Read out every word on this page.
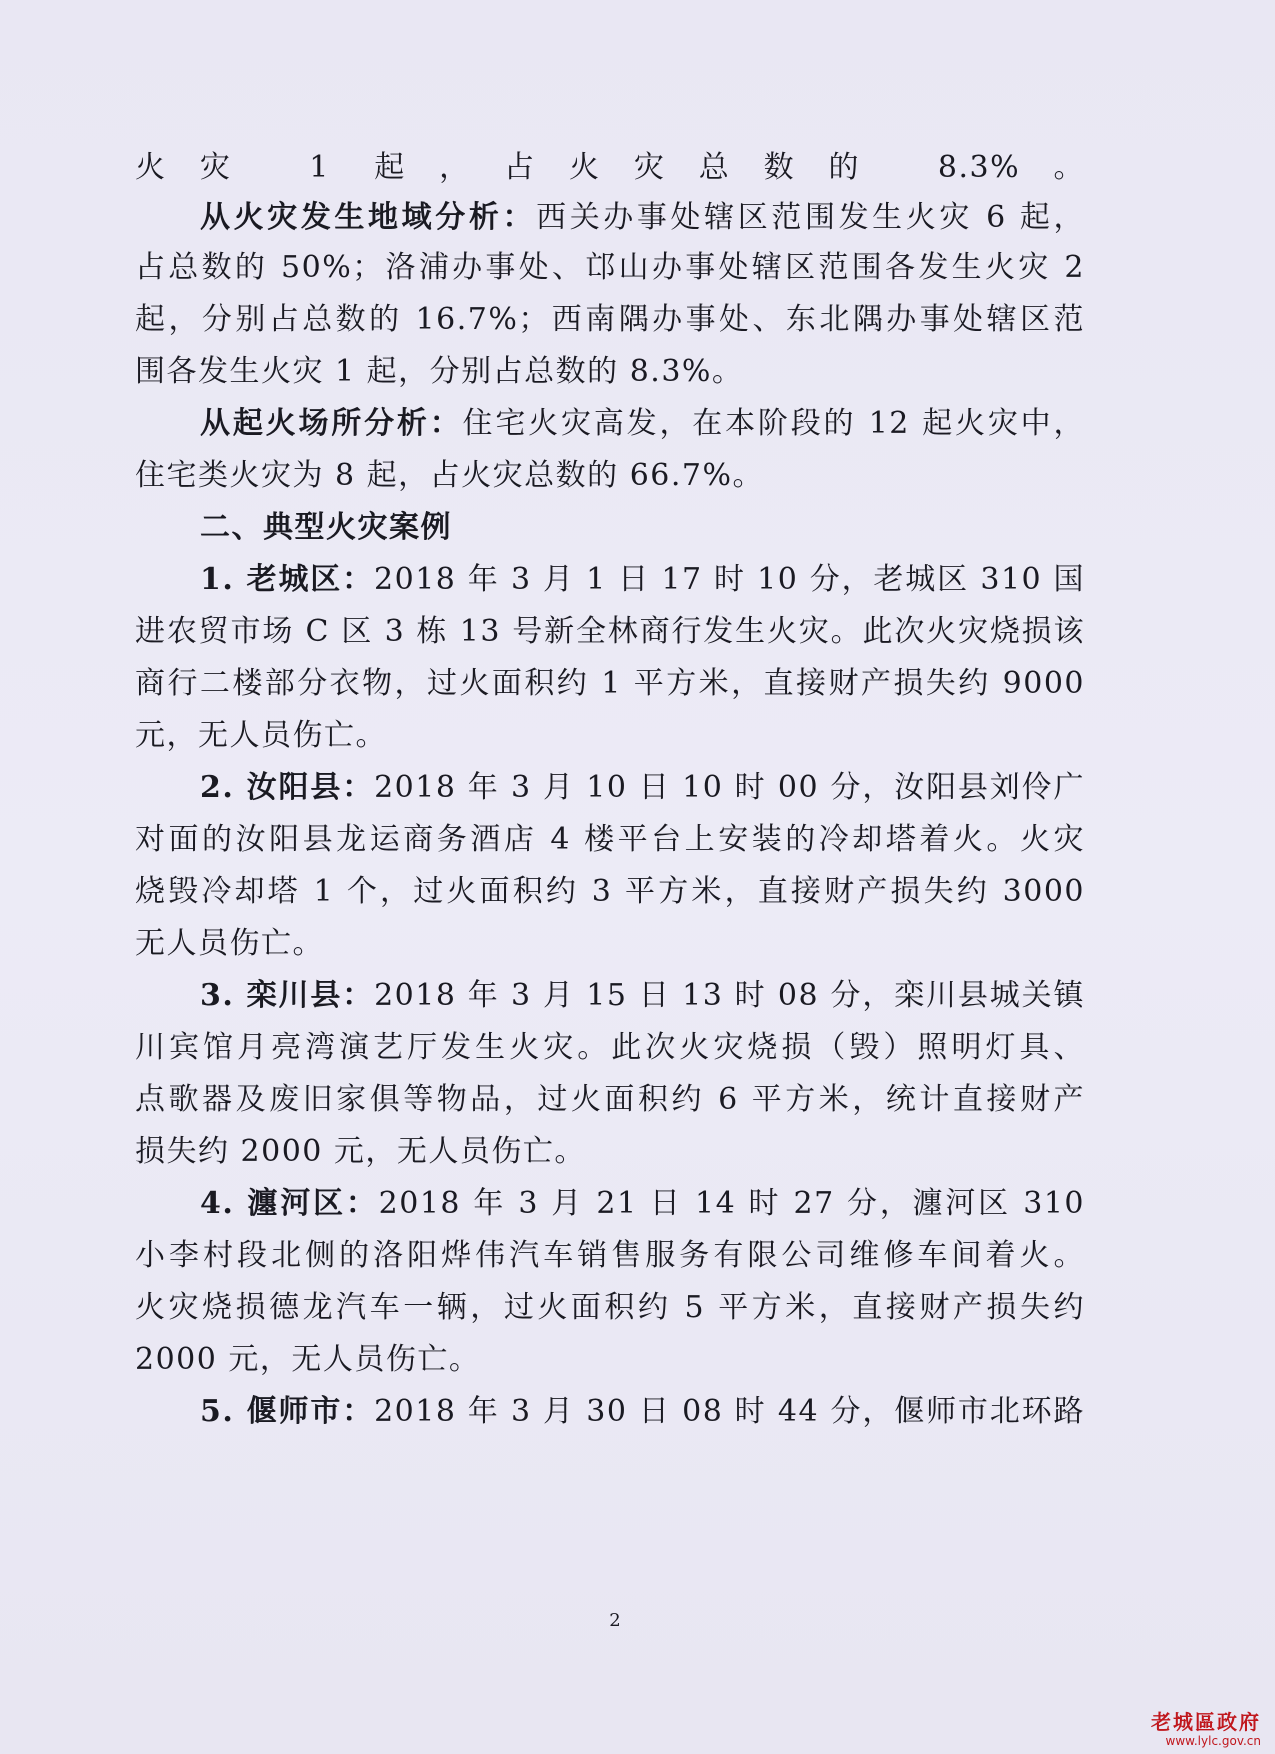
火灾 1 起，占火灾总数的 8.3%。
从火灾发生地域分析：西关办事处辖区范围发生火灾 6 起，
占总数的 50%；洛浦办事处、邙山办事处辖区范围各发生火灾 2
起，分别占总数的 16.7%；西南隅办事处、东北隅办事处辖区范
围各发生火灾 1 起，分别占总数的 8.3%。
从起火场所分析：住宅火灾高发，在本阶段的 12 起火灾中，
住宅类火灾为 8 起，占火灾总数的 66.7%。
二、典型火灾案例
1. 老城区：2018 年 3 月 1 日 17 时 10 分，老城区 310 国
进农贸市场 C 区 3 栋 13 号新全林商行发生火灾。此次火灾烧损该
商行二楼部分衣物，过火面积约 1 平方米，直接财产损失约 9000
元，无人员伤亡。
2. 汝阳县：2018 年 3 月 10 日 10 时 00 分，汝阳县刘伶广
对面的汝阳县龙运商务酒店 4 楼平台上安装的冷却塔着火。火灾
烧毁冷却塔 1 个，过火面积约 3 平方米，直接财产损失约 3000
无人员伤亡。
3. 栾川县：2018 年 3 月 15 日 13 时 08 分，栾川县城关镇
川宾馆月亮湾演艺厅发生火灾。此次火灾烧损（毁）照明灯具、
点歌器及废旧家俱等物品，过火面积约 6 平方米，统计直接财产
损失约 2000 元，无人员伤亡。
4. 瀍河区：2018 年 3 月 21 日 14 时 27 分，瀍河区 310
小李村段北侧的洛阳烨伟汽车销售服务有限公司维修车间着火。
火灾烧损德龙汽车一辆，过火面积约 5 平方米，直接财产损失约
2000 元，无人员伤亡。
5. 偃师市：2018 年 3 月 30 日 08 时 44 分，偃师市北环路
2
老城區政府
www.lylc.gov.cn
